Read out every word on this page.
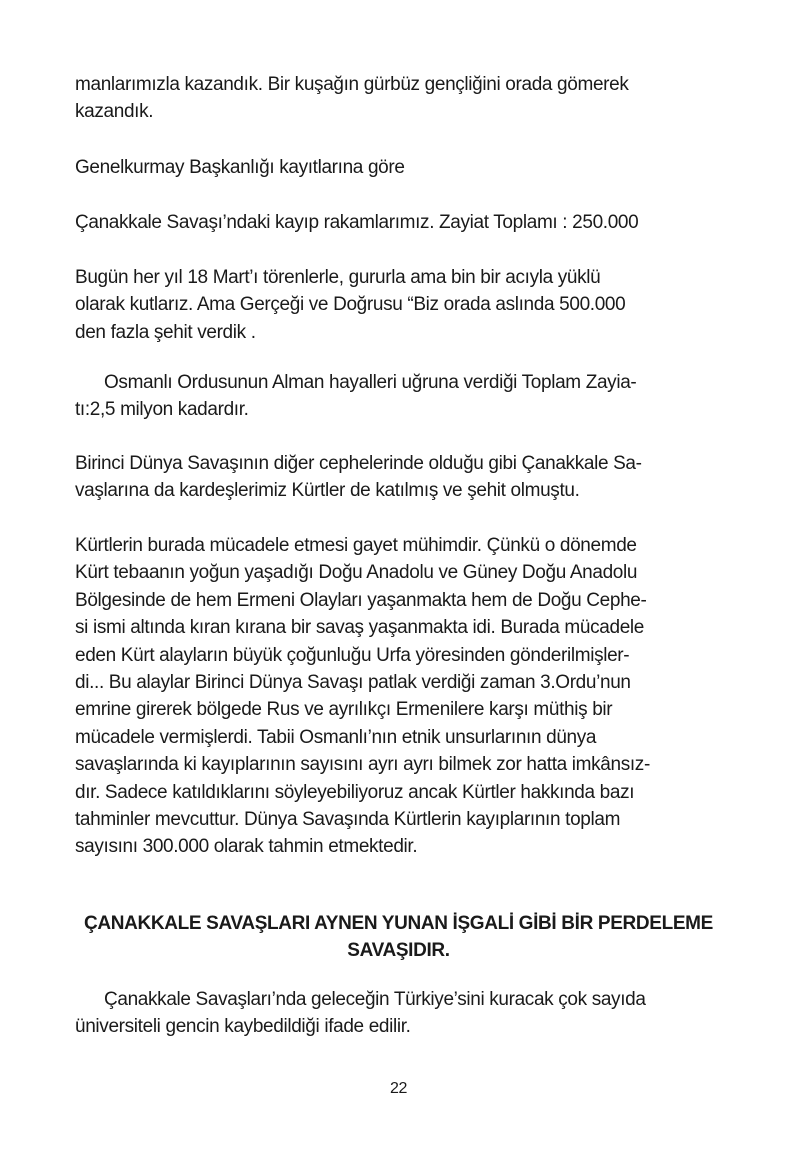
manlarımızla kazandık. Bir kuşağın gürbüz gençliğini orada gömerek
kazandık.
Genelkurmay Başkanlığı kayıtlarına göre
Çanakkale Savaşı’ndaki kayıp rakamlarımız. Zayiat Toplamı : 250.000
Bugün her yıl 18 Mart’ı törenlerle, gururla ama bin bir acıyla yüklü
olarak kutlarız. Ama Gerçeği ve Doğrusu “Biz orada aslında 500.000
den fazla şehit verdik .
Osmanlı Ordusunun Alman hayalleri uğruna verdiği Toplam Zayia-
tı:2,5 milyon kadardır.
Birinci Dünya Savaşının diğer cephelerinde olduğu gibi Çanakkale Sa-
vaşlarına da kardeşlerimiz Kürtler de katılmış ve şehit olmuştu.
Kürtlerin burada mücadele etmesi gayet mühimdir. Çünkü o dönemde
Kürt tebaanın yoğun yaşadığı Doğu Anadolu ve Güney Doğu Anadolu
Bölgesinde de hem Ermeni Olayları yaşanmakta hem de Doğu Cephe-
si ismi altında kıran kırana bir savaş yaşanmakta idi. Burada mücadele
eden Kürt alayların büyük çoğunluğu Urfa yöresinden gönderilmişler-
di... Bu alaylar Birinci Dünya Savaşı patlak verdiği zaman 3.Ordu’nun
emrine girerek bölgede Rus ve ayrılıkçı Ermenilere karşı müthiş bir
mücadele vermişlerdi. Tabii Osmanlı’nın etnik unsurlarının dünya
savaşlarında ki kayıplarının sayısını ayrı ayrı bilmek zor hatta imkânsız-
dır. Sadece katıldıklarını söyleyebiliyoruz ancak Kürtler hakkında bazı
tahminler mevcuttur. Dünya Savaşında Kürtlerin kayıplarının toplam
sayısını 300.000 olarak tahmin etmektedir.
ÇANAKKALE SAVAŞLARI AYNEN YUNAN İŞGALİ GİBİ BİR PERDELEME
SAVAŞIDIR.
Çanakkale Savaşları’nda geleceğin Türkiye’sini kuracak çok sayıda
üniversiteli gencin kaybedildiği ifade edilir.
22
